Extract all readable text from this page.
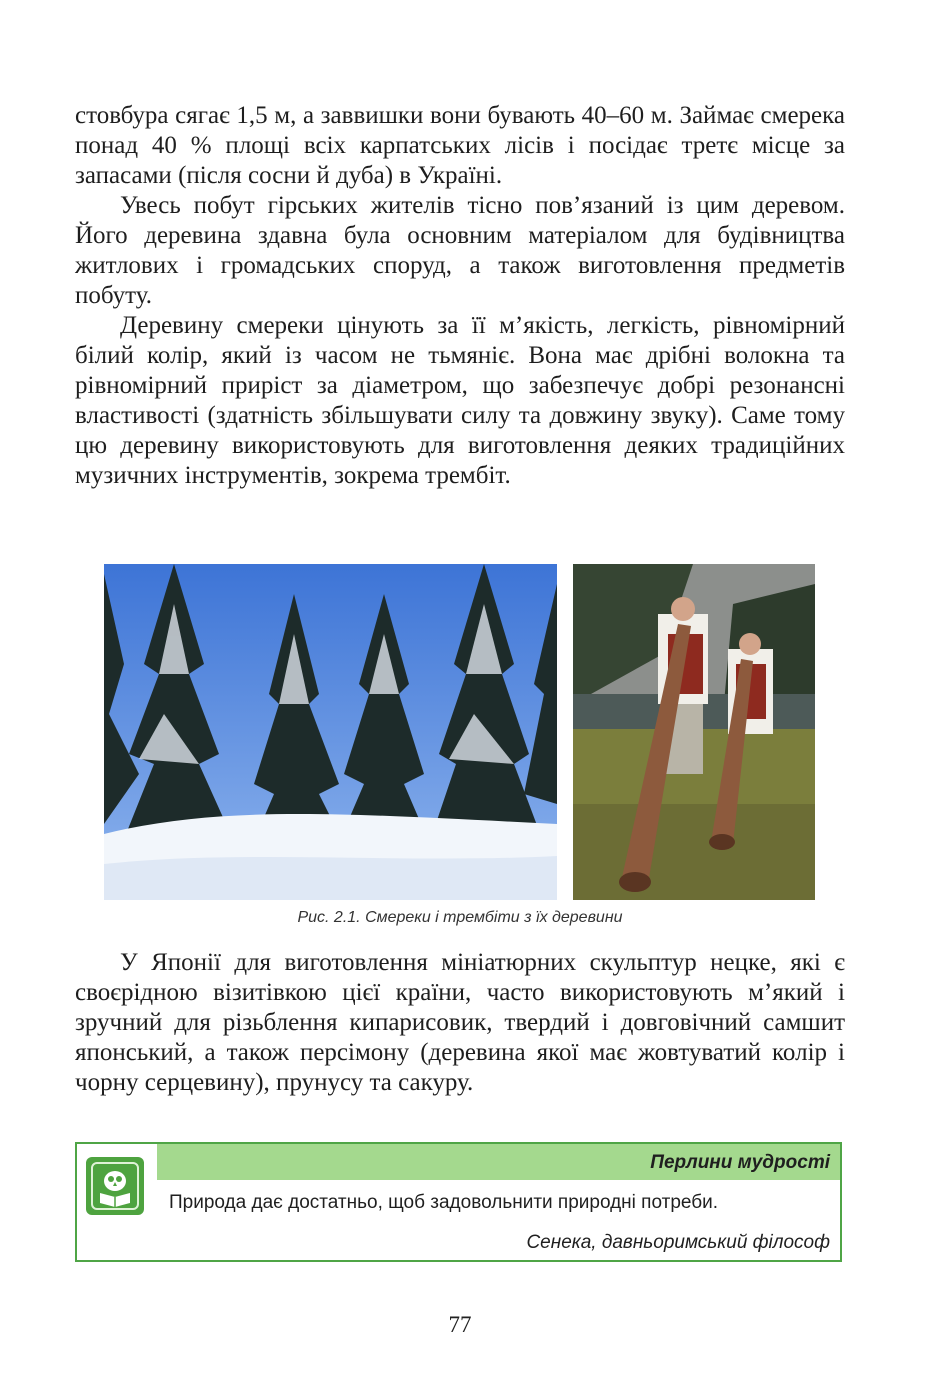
стовбура сягає 1,5 м, а заввишки вони бувають 40–60 м. Займає смерека понад 40 % площі всіх карпатських лісів і посідає третє місце за запасами (після сосни й дуба) в Україні.

Увесь побут гірських жителів тісно пов’язаний із цим деревом. Його деревина здавна була основним матеріалом для будівництва житлових і громадських споруд, а також виготовлення предметів побуту.

Деревину смереки цінують за її м’якість, легкість, рівномірний білий колір, який із часом не тьмяніє. Вона має дрібні волокна та рівномірний приріст за діаметром, що забезпечує добрі резонансні властивості (здатність збільшувати силу та довжину звуку). Саме тому цю деревину використовують для виготовлення деяких традиційних музичних інструментів, зокрема трембіт.

Рис. 2.1. Смереки і трембіти з їх деревини

У Японії для виготовлення мініатюрних скульптур нецке, які є своєрідною візитівкою цієї країни, часто використовують м’який і зручний для різьблення кипарисовик, твердий і довговічний самшит японський, а також персімону (деревина якої має жовтуватий колір і чорну серцевину), прунусу та сакуру.

Перлини мудрості
Природа дає достатньо, щоб задовольнити природні потреби.
Сенека, давньоримський філософ
77
